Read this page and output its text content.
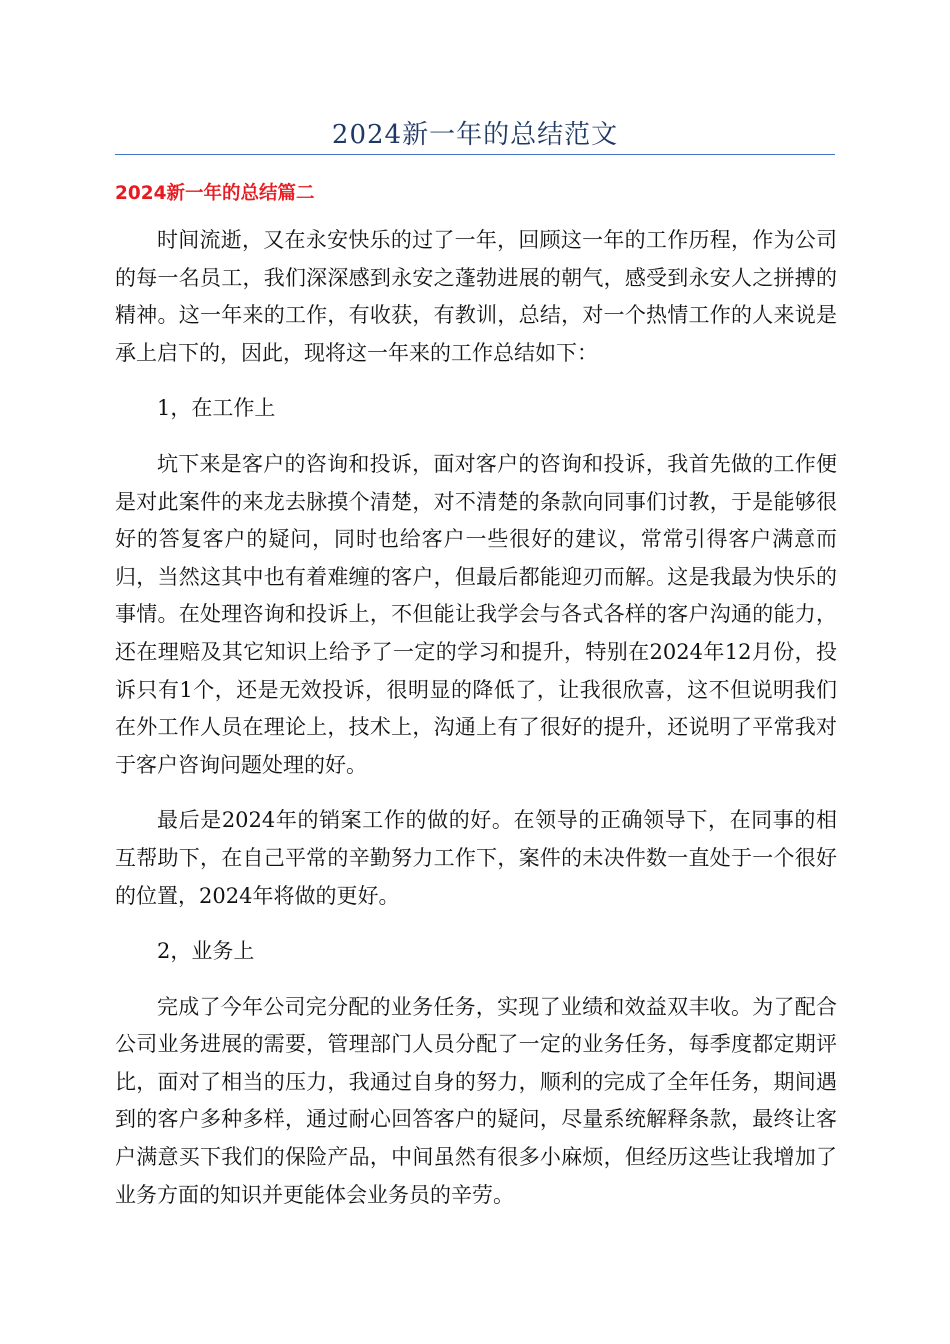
2024新一年的总结范文
2024新一年的总结篇二

时间流逝，又在永安快乐的过了一年，回顾这一年的工作历程，作为公司的每一名员工，我们深深感到永安之蓬勃进展的朝气，感受到永安人之拼搏的精神。这一年来的工作，有收获，有教训，总结，对一个热情工作的人来说是承上启下的，因此，现将这一年来的工作总结如下：

1，在工作上

坑下来是客户的咨询和投诉，面对客户的咨询和投诉，我首先做的工作便是对此案件的来龙去脉摸个清楚，对不清楚的条款向同事们讨教，于是能够很好的答复客户的疑问，同时也给客户一些很好的建议，常常引得客户满意而归，当然这其中也有着难缠的客户，但最后都能迎刃而解。这是我最为快乐的事情。在处理咨询和投诉上，不但能让我学会与各式各样的客户沟通的能力，还在理赔及其它知识上给予了一定的学习和提升，特别在2024年12月份，投诉只有1个，还是无效投诉，很明显的降低了，让我很欣喜，这不但说明我们在外工作人员在理论上，技术上，沟通上有了很好的提升，还说明了平常我对于客户咨询问题处理的好。

最后是2024年的销案工作的做的好。在领导的正确领导下，在同事的相互帮助下，在自己平常的辛勤努力工作下，案件的未决件数一直处于一个很好的位置，2024年将做的更好。

2，业务上

完成了今年公司完分配的业务任务，实现了业绩和效益双丰收。为了配合公司业务进展的需要，管理部门人员分配了一定的业务任务，每季度都定期评比，面对了相当的压力，我通过自身的努力，顺利的完成了全年任务，期间遇到的客户多种多样，通过耐心回答客户的疑问，尽量系统解释条款，最终让客户满意买下我们的保险产品，中间虽然有很多小麻烦，但经历这些让我增加了业务方面的知识并更能体会业务员的辛劳。
